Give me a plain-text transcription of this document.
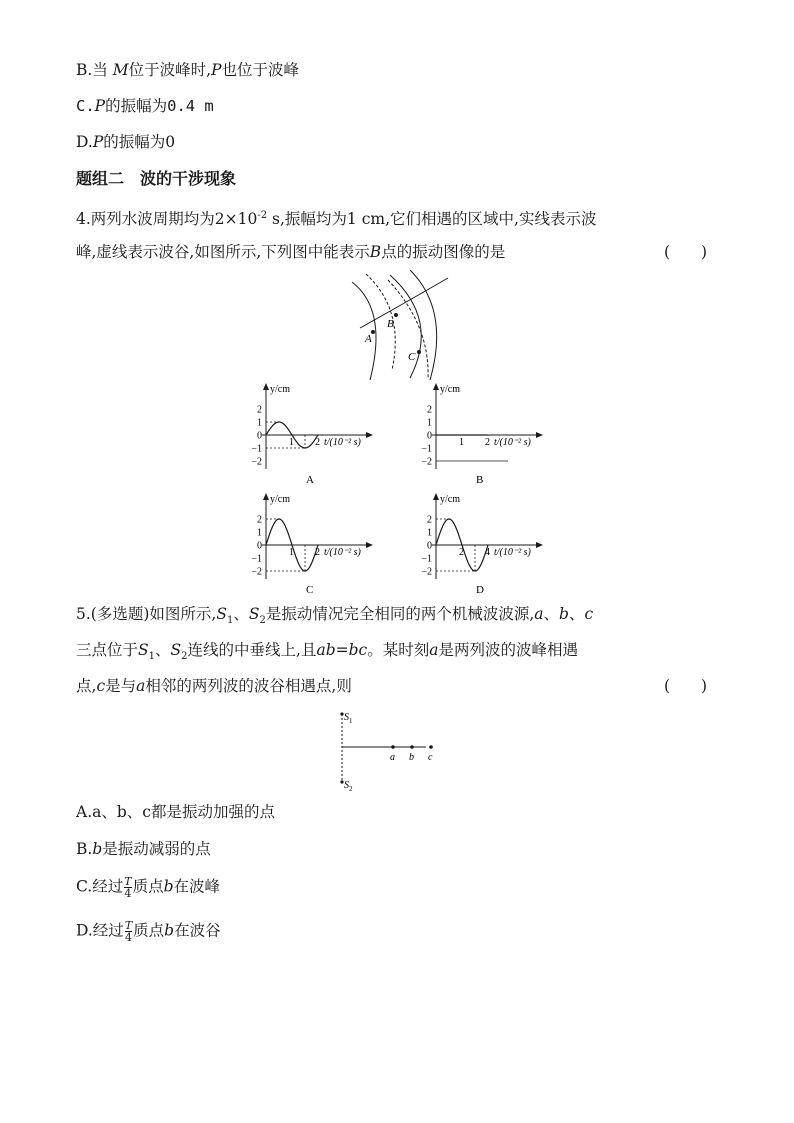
B.当 M位于波峰时,P也位于波峰
C.P的振幅为0.4 m
D.P的振幅为0
题组二　波的干涉现象
4.两列水波周期均为$2\times 10^{-2}$ s,振幅均为1 cm,它们相遇的区域中,实线表示波
峰,虚线表示波谷,如图所示,下列图中能表示B点的振动图像的是	(　　)
A
B
C
y/cm
2
1
0
−1
−2
1 2 t/(10⁻² s)
A
y/cm
2
1
0
−1
−2
1 2 t/(10⁻² s)
B
y/cm
2
1
0
−1
−2
1 2 t/(10⁻² s)
C
y/cm
2
1
0
−1
−2
2 4 t/(10⁻² s)
D
5.(多选题)如图所示$,S_1$、$S_2$是振动情况完全相同的两个机械波波源,a、b、c
三点位于$S_1$、$S_2$连线的中垂线上,且ab=bc。某时刻a是两列波的波峰相遇
点,c是与a相邻的两列波的波谷相遇点,则	(　　)
$S_1$
$S_2$
a b c
A.a、b、c都是振动加强的点
B.b是振动减弱的点
C.经过 $\frac{T}{4}$ 质点b在波峰
D.经过 $\frac{T}{4}$ 质点b在波谷
